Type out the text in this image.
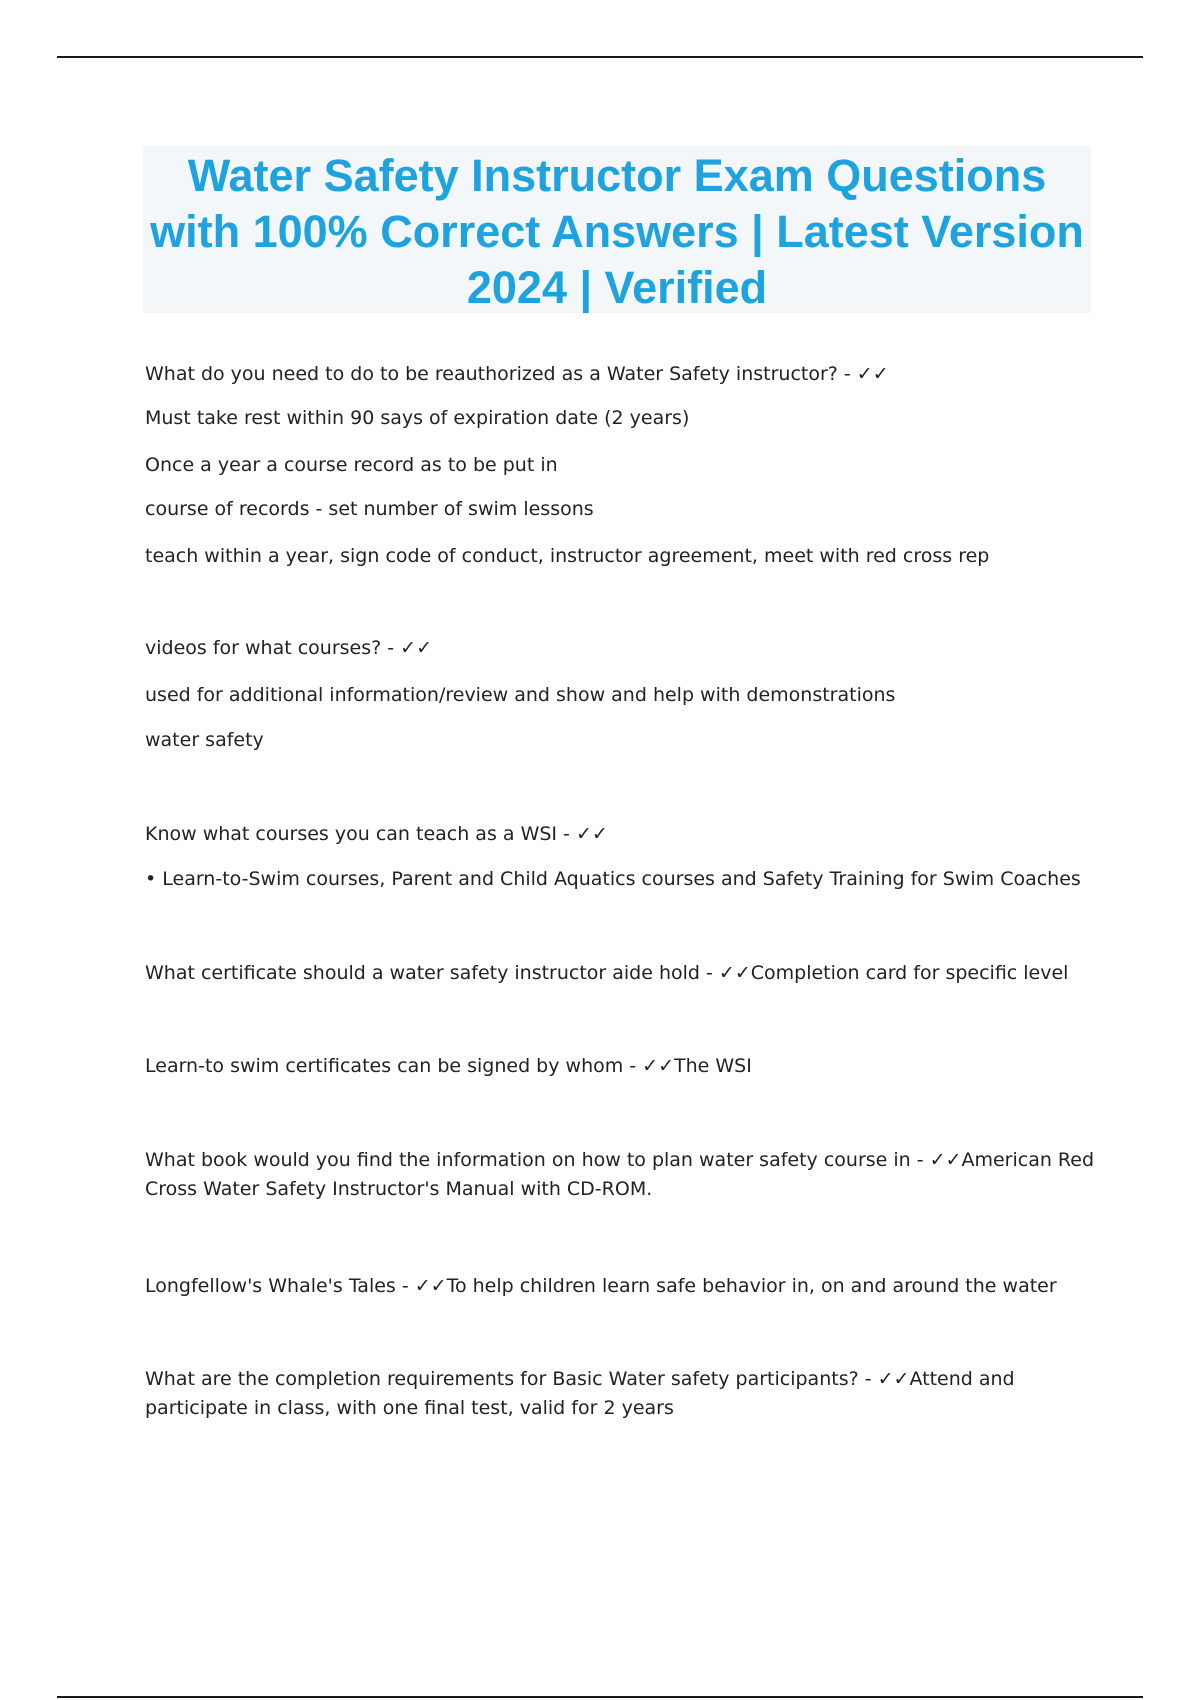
Water Safety Instructor Exam Questions with 100% Correct Answers | Latest Version 2024 | Verified
What do you need to do to be reauthorized as a Water Safety instructor? - ✓✓
Must take rest within 90 says of expiration date (2 years)
Once a year a course record as to be put in
course of records - set number of swim lessons
teach within a year, sign code of conduct, instructor agreement, meet with red cross rep
videos for what courses? - ✓✓
used for additional information/review and show and help with demonstrations
water safety
Know what courses you can teach as a WSI - ✓✓
• Learn-to-Swim courses, Parent and Child Aquatics courses and Safety Training for Swim Coaches
What certificate should a water safety instructor aide hold - ✓✓Completion card for specific level
Learn-to swim certificates can be signed by whom - ✓✓The WSI
What book would you find the information on how to plan water safety course in - ✓✓American Red Cross Water Safety Instructor's Manual with CD-ROM.
Longfellow's Whale's Tales - ✓✓To help children learn safe behavior in, on and around the water
What are the completion requirements for Basic Water safety participants? - ✓✓Attend and participate in class, with one final test, valid for 2 years
